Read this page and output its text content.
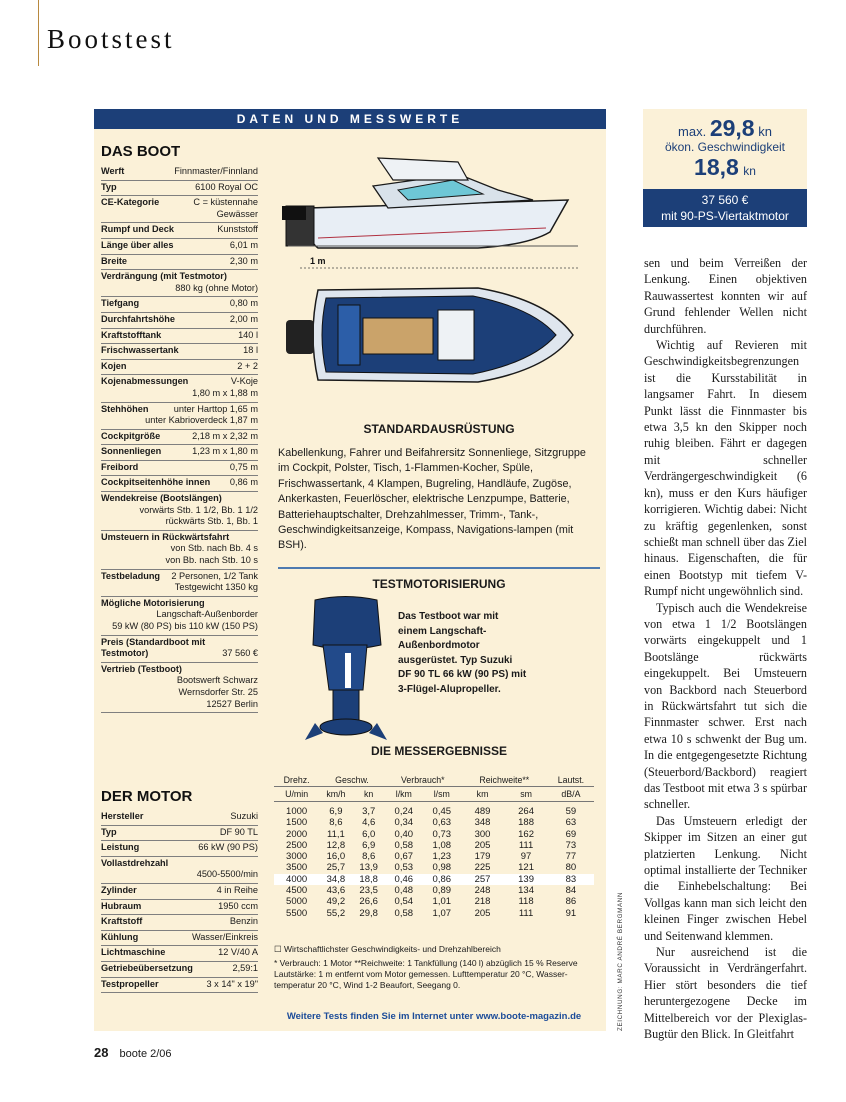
Bootstest
DATEN UND MESSWERTE
DAS BOOT
Werft	Finnmaster/Finnland
Typ	6100 Royal OC
CE-Kategorie	C = küstennahe
Gewässer
Rumpf und Deck	Kunststoff
Länge über alles	6,01 m
Breite	2,30 m
Verdrängung (mit Testmotor)
880 kg (ohne Motor)
Tiefgang	0,80 m
Durchfahrtshöhe	2,00 m
Kraftstofftank	140 l
Frischwassertank	18 l
Kojen	2 + 2
Kojenabmessungen	V-Koje
1,80 m x 1,88 m
Stehhöhen	unter Harttop 1,65 m
unter Kabrioverdeck 1,87 m
Cockpitgröße	2,18 m x 2,32 m
Sonnenliegen	1,23 m x 1,80 m
Freibord	0,75 m
Cockpitseitenhöhe innen 0,86 m
Wendekreise (Bootslängen)
vorwärts Stb. 1 1/2, Bb. 1 1/2
rückwärts Stb. 1, Bb. 1
Umsteuern in Rückwärtsfahrt
von Stb. nach Bb. 4 s
von Bb. nach Stb. 10 s
Testbeladung 2 Personen, 1/2 Tank
Testgewicht 1350 kg
Mögliche Motorisierung
Langschaft-Außenborder
59 kW (80 PS) bis 110 kW (150 PS)
Preis (Standardboot mit
Testmotor)	37 560 €
Vertrieb (Testboot)
Bootswerft Schwarz
Wernsdorfer Str. 25
12527 Berlin
DER MOTOR
Hersteller	Suzuki
Typ	DF 90 TL
Leistung	66 kW (90 PS)
Vollastdrehzahl
4500-5500/min
Zylinder	4 in Reihe
Hubraum	1950 ccm
Kraftstoff	Benzin
Kühlung	Wasser/Einkreis
Lichtmaschine	12 V/40 A
Getriebeübersetzung	2,59:1
Testpropeller	3 x 14" x 19"
1 m
STANDARDAUSRÜSTUNG
Kabellenkung, Fahrer und Beifahrersitz Sonnenliege, Sitzgruppe im Cockpit, Polster, Tisch, 1-Flammen-Kocher, Spüle, Frischwassertank, 4 Klampen, Bugreling, Handläufe, Zugöse, Ankerkasten, Feuerlöscher, elektrische Lenzpumpe, Batterie, Batteriehauptschalter, Drehzahlmesser, Trimm-, Tank-, Geschwindigkeitsanzeige, Kompass, Navigations-lampen (mit BSH).
TESTMOTORISIERUNG
Das Testboot war mit einem Langschaft-Außenbordmotor ausgerüstet. Typ Suzuki DF 90 TL 66 kW (90 PS) mit 3-Flügel-Alupropeller.
DIE MESSERGEBNISSE
Drehz.	Geschw.		Verbrauch*		Reichweite**		Lautst.
U/min	km/h	kn	l/km	l/sm	km	sm	dB/A
1000	6,9	3,7	0,24	0,45	489	264	59
1500	8,6	4,6	0,34	0,63	348	188	63
2000	11,1	6,0	0,40	0,73	300	162	69
2500	12,8	6,9	0,58	1,08	205	111	73
3000	16,0	8,6	0,67	1,23	179	97	77
3500	25,7	13,9	0,53	0,98	225	121	80
4000	34,8	18,8	0,46	0,86	257	139	83
4500	43,6	23,5	0,48	0,89	248	134	84
5000	49,2	26,6	0,54	1,01	218	118	86
5500	55,2	29,8	0,58	1,07	205	111	91
☐ Wirtschaftlichster Geschwindigkeits- und Drehzahlbereich
* Verbrauch: 1 Motor **Reichweite: 1 Tankfüllung (140 l) abzüglich 15 % Reserve Lautstärke: 1 m entfernt vom Motor gemessen. Lufttemperatur 20 °C, Wasser-temperatur 20 °C, Wind 1-2 Beaufort, Seegang 0.
Weitere Tests finden Sie im Internet unter www.boote-magazin.de	ZEICHNUNG: MARC ANDRÉ BERGMANN
max. 29,8 kn
ökon. Geschwindigkeit
18,8 kn
37 560 €
mit 90-PS-Viertaktmotor

sen und beim Verreißen der Lenkung. Einen objektiven Rauwassertest konnten wir auf Grund fehlender Wellen nicht durchführen.

Wichtig auf Revieren mit Geschwindigkeitsbegrenzungen ist die Kursstabilität in langsamer Fahrt. In diesem Punkt lässt die Finnmaster bis etwa 3,5 kn den Skipper noch ruhig bleiben. Fährt er dagegen mit schneller Verdrängergeschwindigkeit (6 kn), muss er den Kurs häufiger korrigieren. Wichtig dabei: Nicht zu kräftig gegenlenken, sonst schießt man schnell über das Ziel hinaus. Eigenschaften, die für einen Bootstyp mit tiefem V-Rumpf nicht ungewöhnlich sind.

Typisch auch die Wendekreise von etwa 1 1/2 Bootslängen vorwärts eingekuppelt und 1 Bootslänge rückwärts eingekuppelt. Bei Umsteuern von Backbord nach Steuerbord in Rückwärtsfahrt tut sich die Finnmaster schwer. Erst nach etwa 10 s schwenkt der Bug um. In die entgegengesetzte Richtung (Steuerbord/Backbord) reagiert das Testboot mit etwa 3 s spürbar schneller.

Das Umsteuern erledigt der Skipper im Sitzen an einer gut platzierten Lenkung. Nicht optimal installierte der Techniker die Einhebelschaltung: Bei Vollgas kann man sich leicht den kleinen Finger zwischen Hebel und Seitenwand klemmen.

Nur ausreichend ist die Voraussicht in Verdrängerfahrt. Hier stört besonders die tief heruntergezogene Decke im Mittelbereich vor der Plexiglas-Bugtür den Blick. In Gleitfahrt

28 boote 2/06
